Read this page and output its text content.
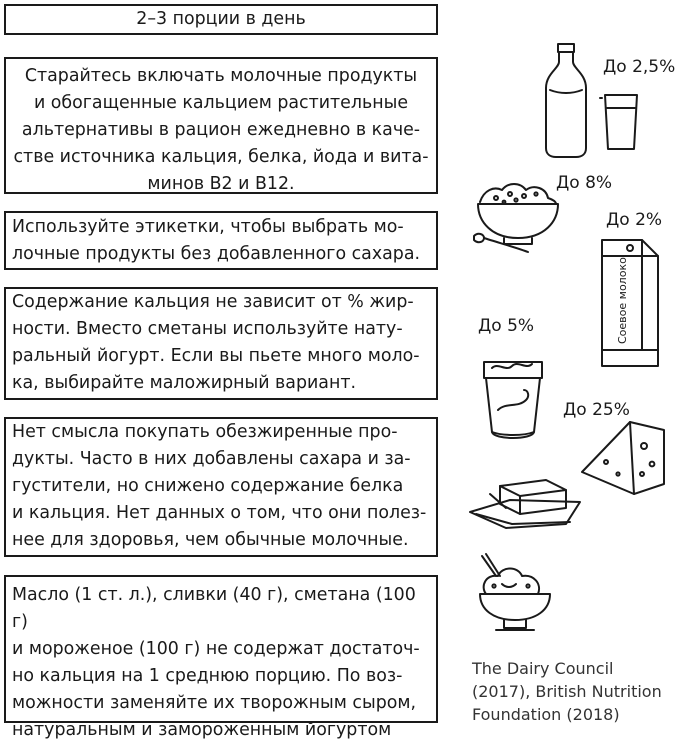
2–3 порции в день

Старайтесь включать молочные продукты
и обогащенные кальцием растительные
альтернативы в рацион ежедневно в каче-
стве источника кальция, белка, йода и вита-
минов B2 и B12.

Используйте этикетки, чтобы выбрать мо-
лочные продукты без добавленного сахара.

Содержание кальция не зависит от % жир-
ности. Вместо сметаны используйте нату-
ральный йогурт. Если вы пьете много моло-
ка, выбирайте маложирный вариант.

Нет смысла покупать обезжиренные про-
дукты. Часто в них добавлены сахара и за-
густители, но снижено содержание белка
и кальция. Нет данных о том, что они полез-
нее для здоровья, чем обычные молочные.

Масло (1 ст. л.), сливки (40 г), сметана (100 г)
и мороженое (100 г) не содержат достаточ-
но кальция на 1 среднюю порцию. По воз-
можности заменяйте их творожным сыром,
натуральным и замороженным йогуртом

До 2,5%
До 8%
Соевое молоко
До 2%
До 5%
До 25%
The Dairy Council
(2017), British Nutrition
Foundation (2018)
